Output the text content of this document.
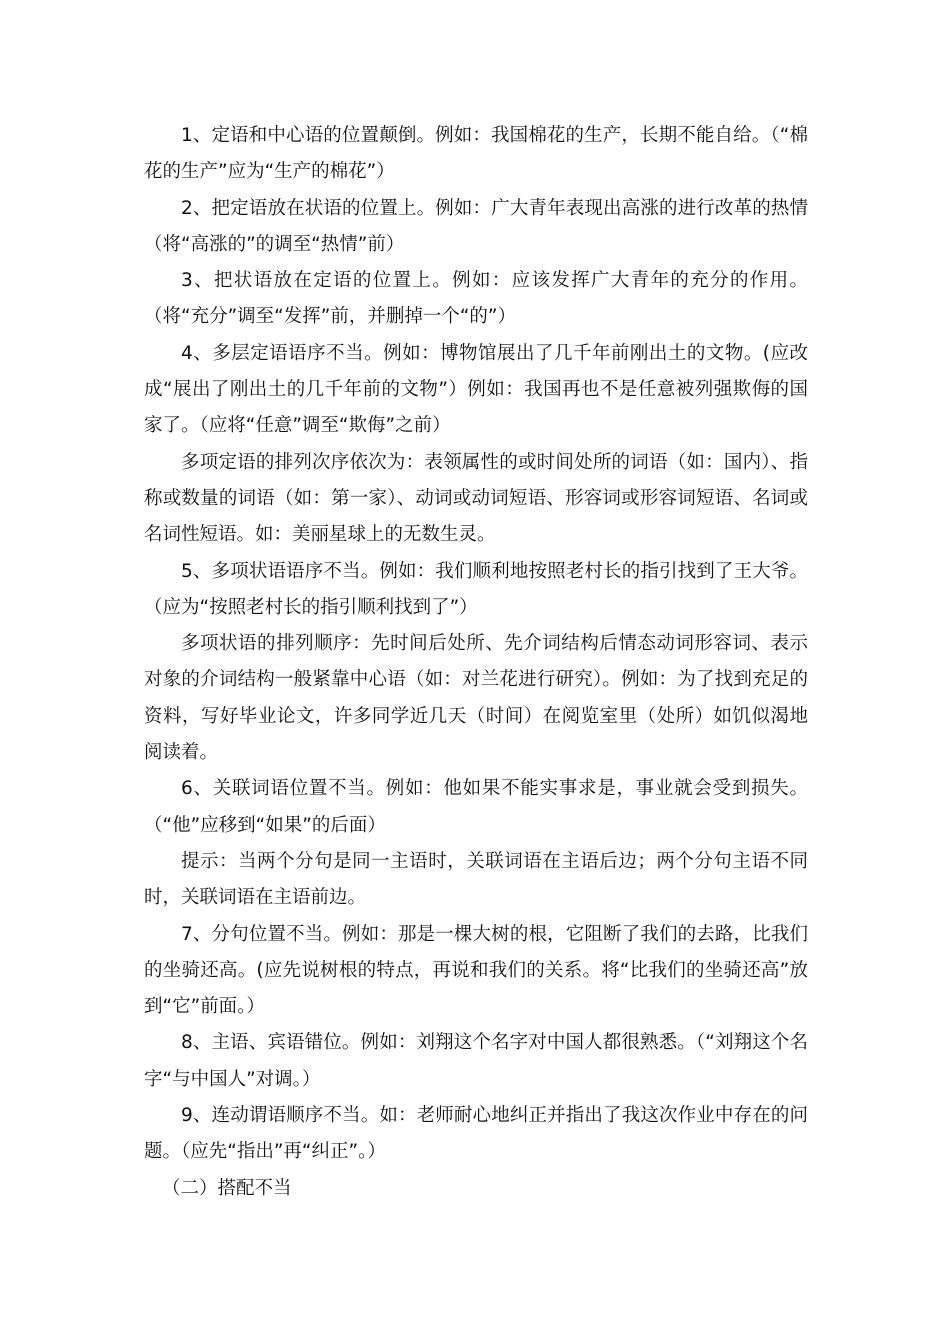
1、定语和中心语的位置颠倒。例如：我国棉花的生产，长期不能自给。（“棉花的生产”应为“生产的棉花”）

2、把定语放在状语的位置上。例如：广大青年表现出高涨的进行改革的热情（将“高涨的”的调至“热情”前）

3、把状语放在定语的位置上。例如：应该发挥广大青年的充分的作用。（将“充分”调至“发挥”前，并删掉一个“的”）

4、多层定语语序不当。例如：博物馆展出了几千年前刚出土的文物。(应改成“展出了刚出土的几千年前的文物”）例如：我国再也不是任意被列强欺侮的国家了。（应将“任意”调至“欺侮”之前）

多项定语的排列次序依次为：表领属性的或时间处所的词语（如：国内）、指称或数量的词语（如：第一家）、动词或动词短语、形容词或形容词短语、名词或名词性短语。如：美丽星球上的无数生灵。

5、多项状语语序不当。例如：我们顺利地按照老村长的指引找到了王大爷。（应为“按照老村长的指引顺利找到了”）

多项状语的排列顺序：先时间后处所、先介词结构后情态动词形容词、表示对象的介词结构一般紧靠中心语（如：对兰花进行研究）。例如：为了找到充足的资料，写好毕业论文，许多同学近几天（时间）在阅览室里（处所）如饥似渴地阅读着。

6、关联词语位置不当。例如：他如果不能实事求是，事业就会受到损失。（“他”应移到“如果”的后面）

提示：当两个分句是同一主语时，关联词语在主语后边；两个分句主语不同时，关联词语在主语前边。

7、分句位置不当。例如：那是一棵大树的根，它阻断了我们的去路，比我们的坐骑还高。(应先说树根的特点，再说和我们的关系。将“比我们的坐骑还高”放到“它”前面。）

8、主语、宾语错位。例如：刘翔这个名字对中国人都很熟悉。（“刘翔这个名字“与中国人”对调。）

9、连动谓语顺序不当。如：老师耐心地纠正并指出了我这次作业中存在的问题。（应先“指出”再“纠正”。）

（二）搭配不当
